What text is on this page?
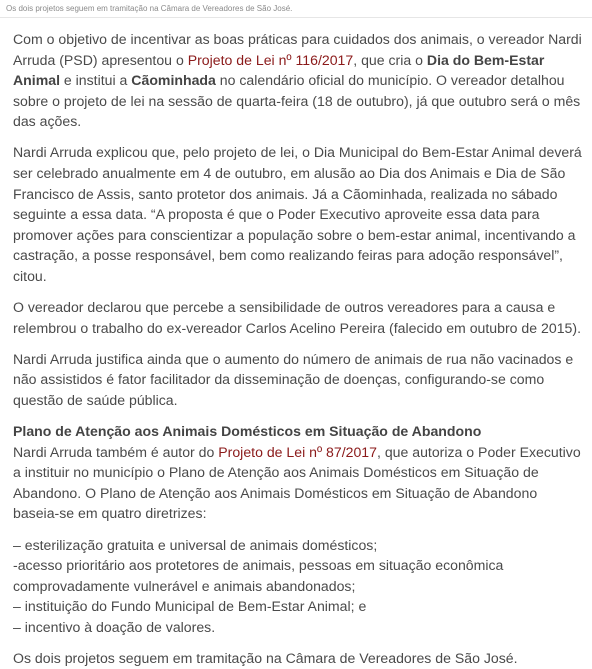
Os dois projetos seguem em tramitação na Câmara de Vereadores de São José.

Com o objetivo de incentivar as boas práticas para cuidados dos animais, o vereador Nardi Arruda (PSD) apresentou o Projeto de Lei nº 116/2017, que cria o Dia do Bem-Estar Animal e institui a Cãominhada no calendário oficial do município. O vereador detalhou sobre o projeto de lei na sessão de quarta-feira (18 de outubro), já que outubro será o mês das ações.

Nardi Arruda explicou que, pelo projeto de lei, o Dia Municipal do Bem-Estar Animal deverá ser celebrado anualmente em 4 de outubro, em alusão ao Dia dos Animais e Dia de São Francisco de Assis, santo protetor dos animais. Já a Cãominhada, realizada no sábado seguinte a essa data. “A proposta é que o Poder Executivo aproveite essa data para promover ações para conscientizar a população sobre o bem-estar animal, incentivando a castração, a posse responsável, bem como realizando feiras para adoção responsável”, citou.

O vereador declarou que percebe a sensibilidade de outros vereadores para a causa e relembrou o trabalho do ex-vereador Carlos Acelino Pereira (falecido em outubro de 2015).

Nardi Arruda justifica ainda que o aumento do número de animais de rua não vacinados e não assistidos é fator facilitador da disseminação de doenças, configurando-se como questão de saúde pública.

Plano de Atenção aos Animais Domésticos em Situação de Abandono
Nardi Arruda também é autor do Projeto de Lei nº 87/2017, que autoriza o Poder Executivo a instituir no município o Plano de Atenção aos Animais Domésticos em Situação de Abandono. O Plano de Atenção aos Animais Domésticos em Situação de Abandono baseia-se em quatro diretrizes:

– esterilização gratuita e universal de animais domésticos;
-acesso prioritário aos protetores de animais, pessoas em situação econômica comprovadamente vulnerável e animais abandonados;
– instituição do Fundo Municipal de Bem-Estar Animal; e
– incentivo à doação de valores.

Os dois projetos seguem em tramitação na Câmara de Vereadores de São José.
